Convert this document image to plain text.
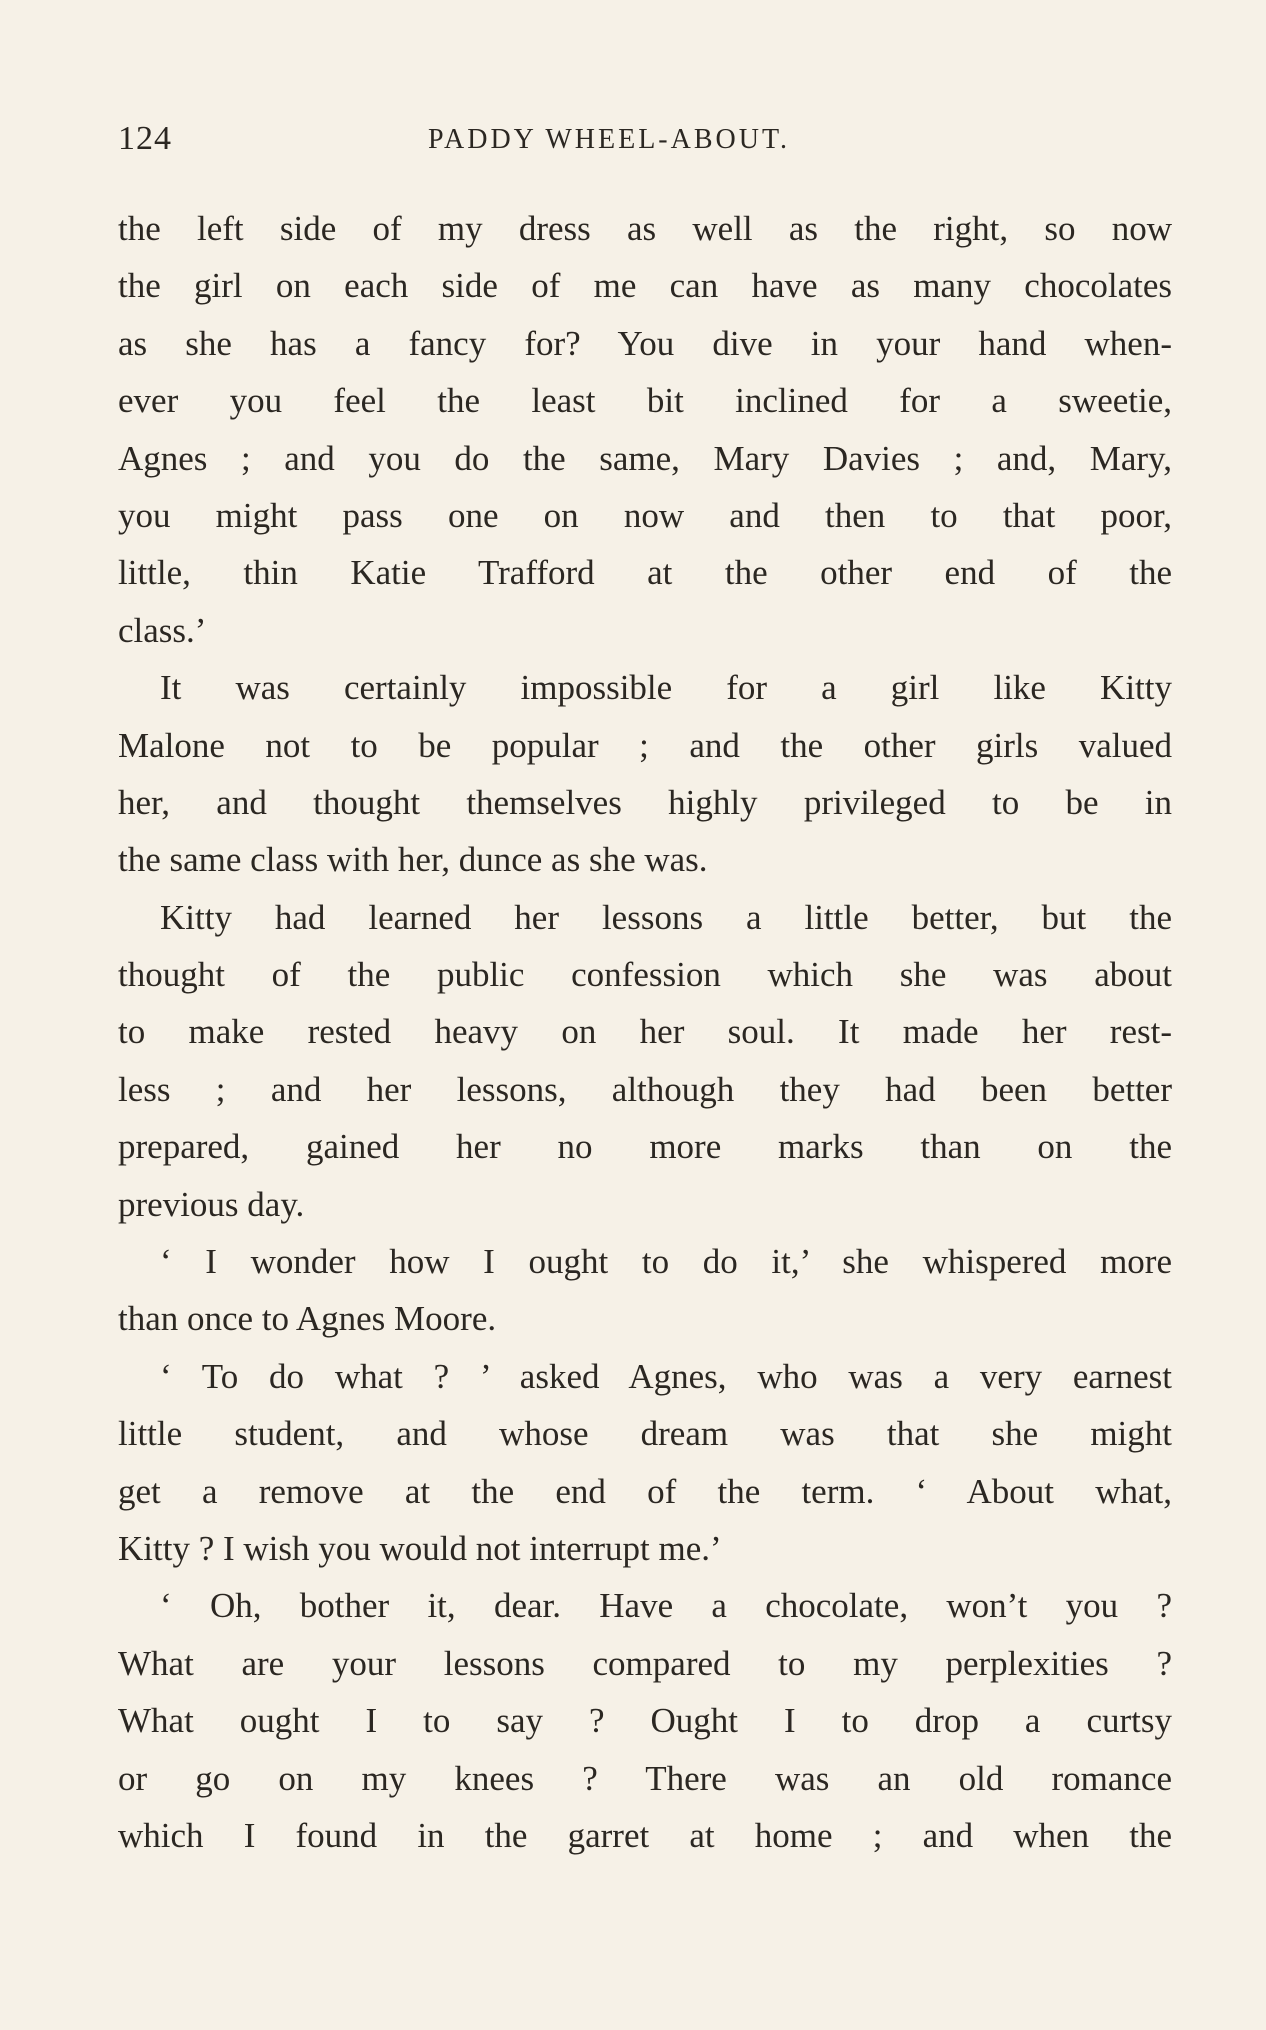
124	PADDY WHEEL-ABOUT.
the left side of my dress as well as the right, so now
the girl on each side of me can have as many chocolates
as she has a fancy for? You dive in your hand when-
ever you feel the least bit inclined for a sweetie,
Agnes ; and you do the same, Mary Davies ; and, Mary,
you might pass one on now and then to that poor,
little, thin Katie Trafford at the other end of the
class.’
It was certainly impossible for a girl like Kitty
Malone not to be popular ; and the other girls valued
her, and thought themselves highly privileged to be in
the same class with her, dunce as she was.
Kitty had learned her lessons a little better, but the
thought of the public confession which she was about
to make rested heavy on her soul. It made her rest-
less ; and her lessons, although they had been better
prepared, gained her no more marks than on the
previous day.
‘ I wonder how I ought to do it,’ she whispered more
than once to Agnes Moore.
‘ To do what ? ’ asked Agnes, who was a very earnest
little student, and whose dream was that she might
get a remove at the end of the term. ‘ About what,
Kitty ? I wish you would not interrupt me.’
‘ Oh, bother it, dear. Have a chocolate, won’t you ?
What are your lessons compared to my perplexities ?
What ought I to say ? Ought I to drop a curtsy
or go on my knees ? There was an old romance
which I found in the garret at home ; and when the
